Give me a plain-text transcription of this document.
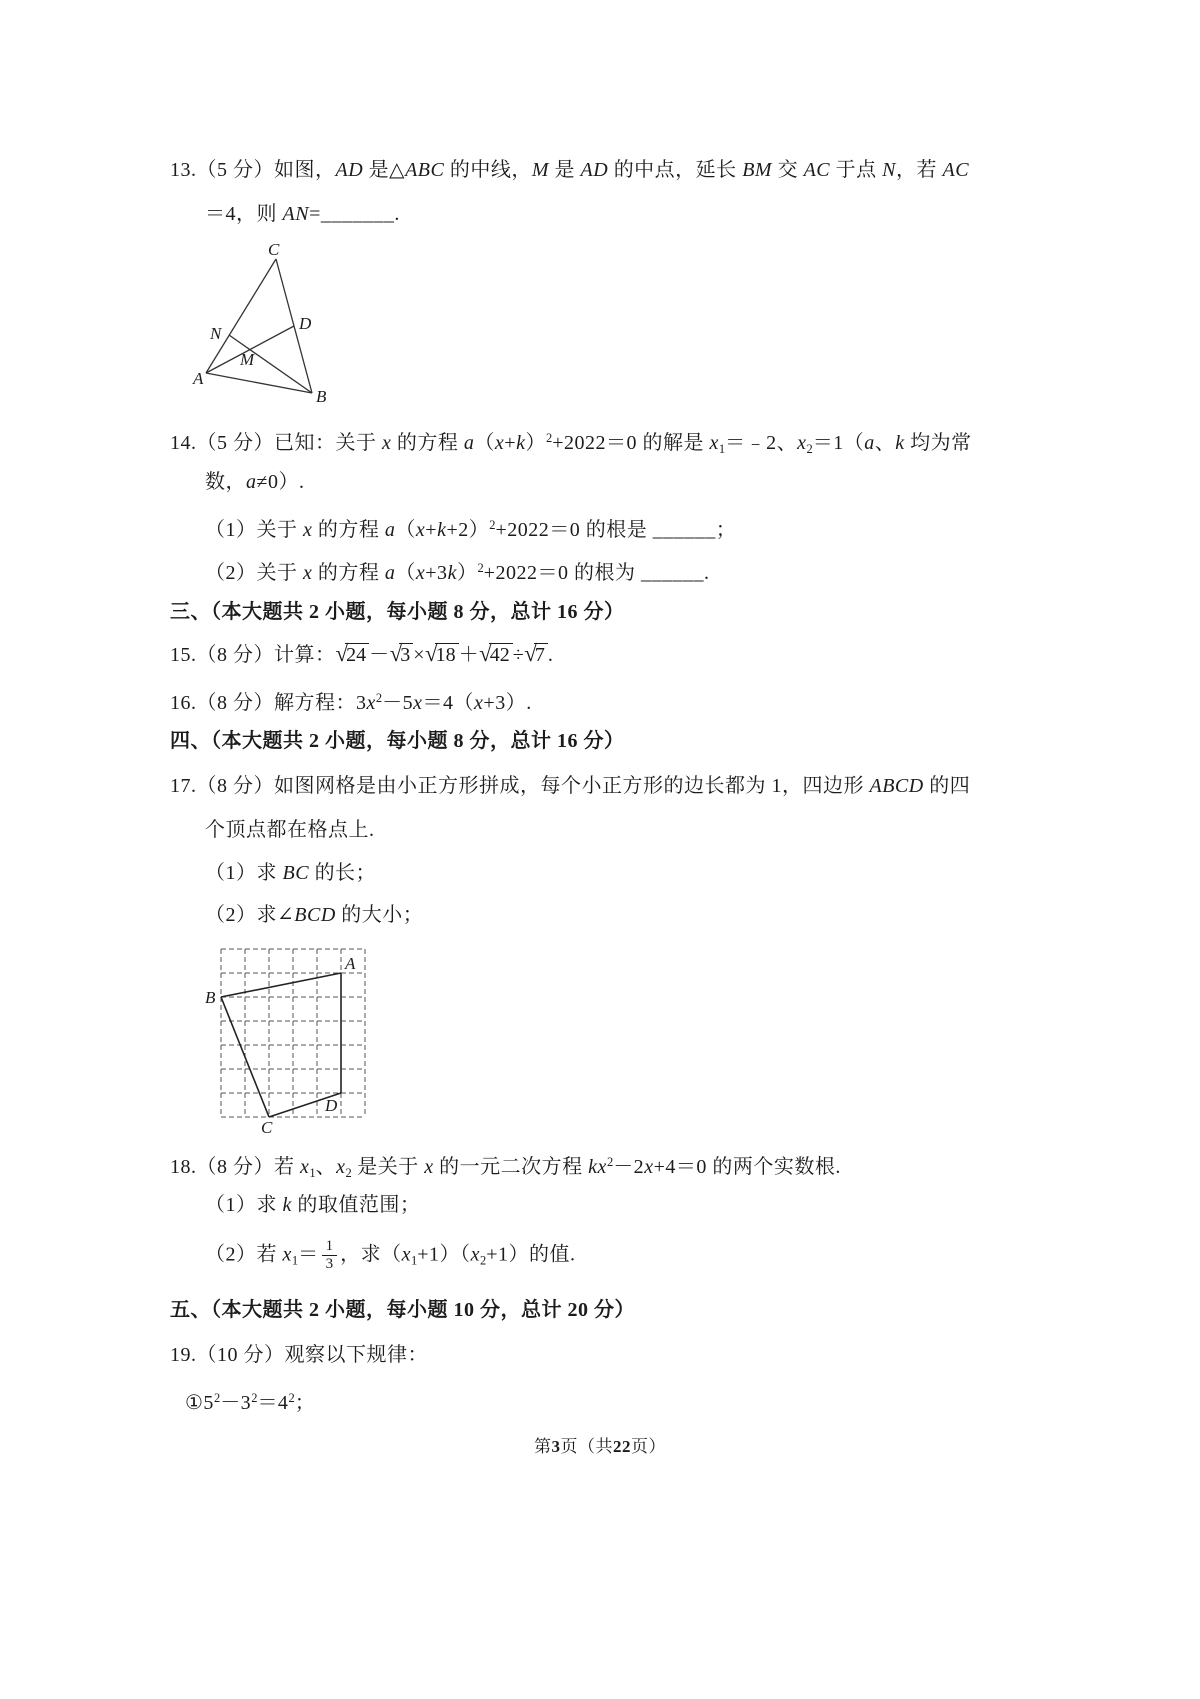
13.（5 分）如图，AD 是△ABC 的中线，M 是 AD 的中点，延长 BM 交 AC 于点 N，若 AC
＝4，则 AN=_______.
C
N
D
A
M
B
14.（5 分）已知：关于 x 的方程 $a(x+k)^2+2022=0$ 的解是 $x_1=﹣2$、$x_2=1(a$、k 均为常
数，a≠0）.
（1）关于 x 的方程 $a(x+k+2)^2+2022=0$ 的根是 ______；
（2）关于 x 的方程 $a(x+3k)^2+2022=0$ 的根为 ______.
三、（本大题共 2 小题，每小题 8 分，总计 16 分）
15.（8 分）计算：√24 －√3 ×√18 ＋√42 ÷√7 .
16.（8 分）解方程：$3x^2-5x=4(x+3)$.
四、（本大题共 2 小题，每小题 8 分，总计 16 分）
17.（8 分）如图网格是由小正方形拼成，每个小正方形的边长都为 1，四边形 ABCD 的四
个顶点都在格点上.
（1）求 BC 的长；
（2）求∠BCD 的大小；
A
B
C
D
18.（8 分）若 $x_1$、$x_2$ 是关于 x 的一元二次方程 $kx^2-2x+4=0$ 的两个实数根.
（1）求 k 的取值范围；
（2）若 $x_1= \frac{1}{3}$ ，求$(x_1+1)(x_2+1)$的值.
五、（本大题共 2 小题，每小题 10 分，总计 20 分）
19.（10 分）观察以下规律：
$①5^2-3^2=4^2$；
第3页（共22页）
